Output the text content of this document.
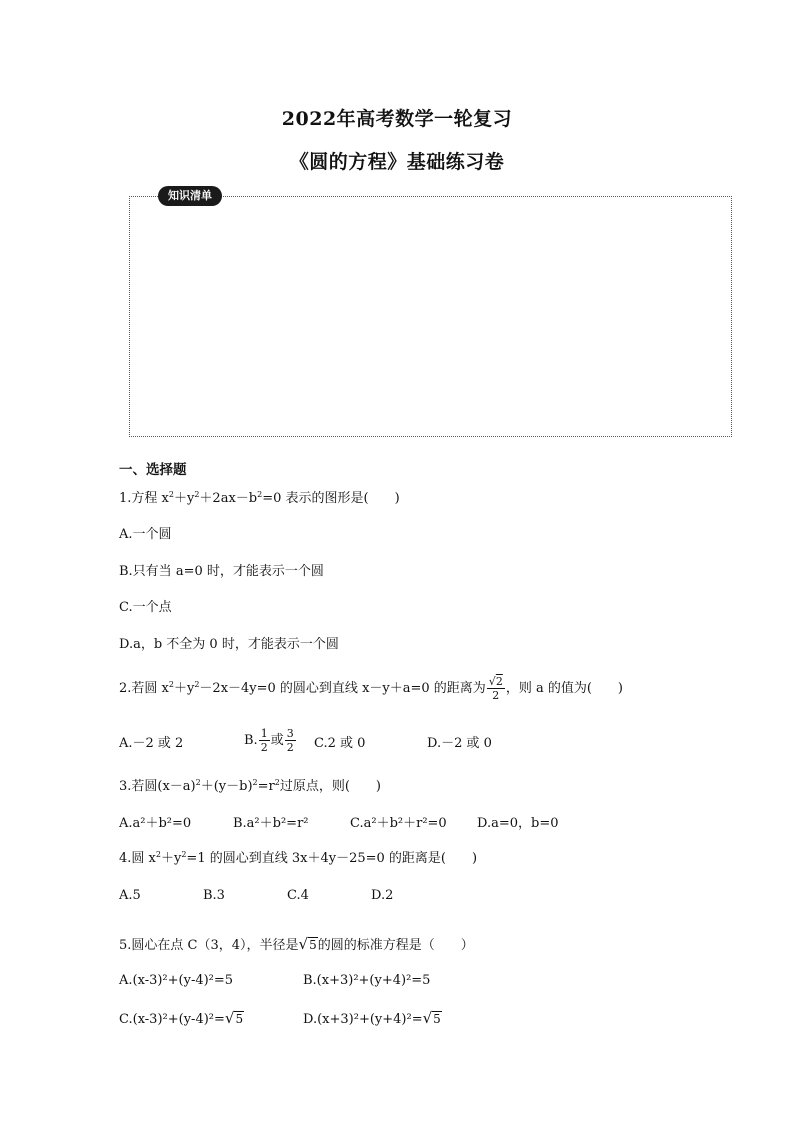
2022年高考数学一轮复习
《圆的方程》基础练习卷
知识清单
一、选择题
1.方程 $x^2+y^2+2ax-b^2=0$ 表示的图形是(　　)
A.一个圆
B.只有当 a=0 时，才能表示一个圆
C.一个点
D.a，b 不全为 0 时，才能表示一个圆
2.若圆 $x^2+y^2-2x-4y=0$ 的圆心到直线 x－y＋a=0 的距离为 $\frac{√2}{2}$ ，则 a 的值为(　　)
A.－2 或 2	B. $\frac{1}{2}$ 或 $\frac{3}{2} C.2$ 或 0	D.－2 或 0
3.若圆$(x-a)^2+(y-b)^2=r^2$过原点，则(　　)
A.a²＋b²=0	B.a²＋b²=r²	C.a²＋b²＋r²=0 D.a=0，b=0
4.圆 $x^2+y^2=1$ 的圆心到直线 3x＋4y－25=0 的距离是(　　)
A.5	B.3	C.4	D.2
5.圆心在点 C（3，4），半径是√5的圆的标准方程是（　　）
A.(x-3)²+(y-4)²=5	B.(x+3)²+(y+4)²=5
C.(x-3)²+(y-4)²=√5	D.(x+3)²+(y+4)²=√5
